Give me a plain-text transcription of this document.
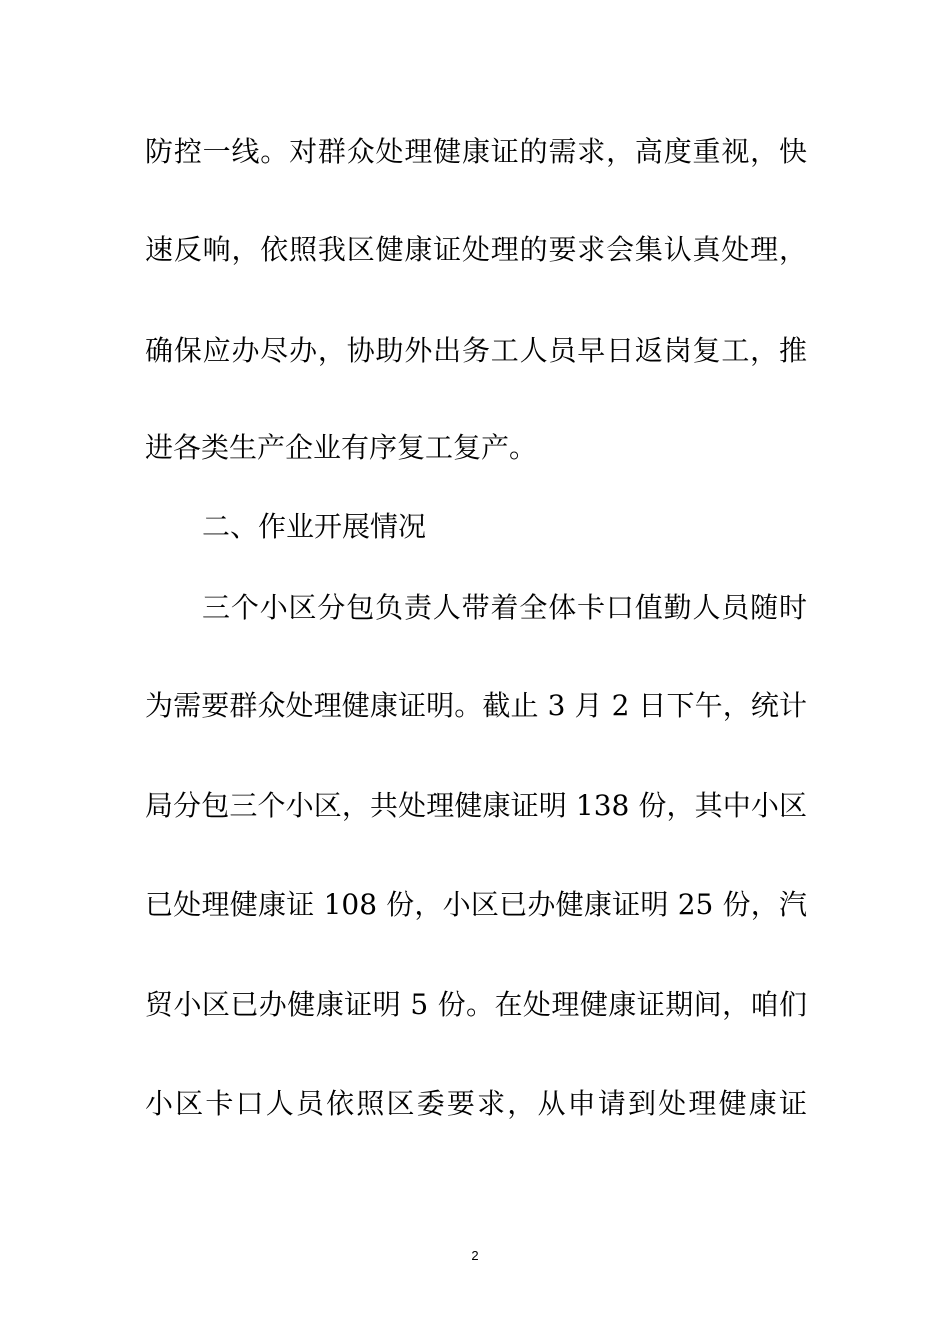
防控一线。对群众处理健康证的需求，高度重视，快
速反响，依照我区健康证处理的要求会集认真处理，
确保应办尽办，协助外出务工人员早日返岗复工，推
进各类生产企业有序复工复产。
二、作业开展情况
三个小区分包负责人带着全体卡口值勤人员随时
为需要群众处理健康证明。截止 3 月 2 日下午，统计
局分包三个小区，共处理健康证明 138 份，其中小区
已处理健康证 108 份，小区已办健康证明 25 份，汽
贸小区已办健康证明 5 份。在处理健康证期间，咱们
小区卡口人员依照区委要求，从申请到处理健康证
2
